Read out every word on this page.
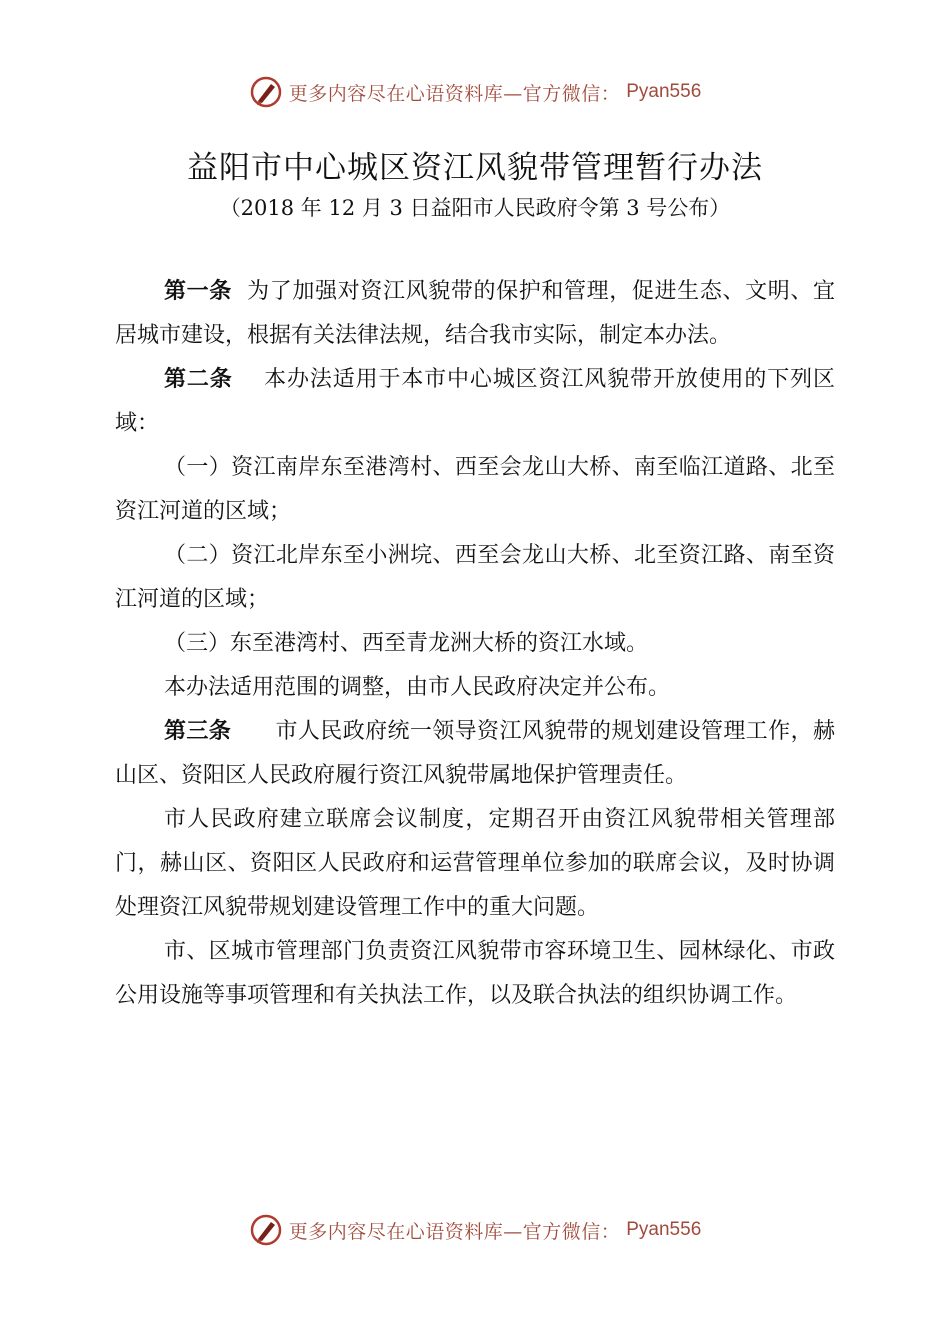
更多内容尽在心语资料库—官方微信： Pyan556
益阳市中心城区资江风貌带管理暂行办法
（2018 年 12 月 3 日益阳市人民政府令第 3 号公布）

第一条 为了加强对资江风貌带的保护和管理，促进生态、文明、宜居城市建设，根据有关法律法规，结合我市实际，制定本办法。

第二条 本办法适用于本市中心城区资江风貌带开放使用的下列区域：

（一）资江南岸东至港湾村、西至会龙山大桥、南至临江道路、北至资江河道的区域；

（二）资江北岸东至小洲垸、西至会龙山大桥、北至资江路、南至资江河道的区域；

（三）东至港湾村、西至青龙洲大桥的资江水域。

本办法适用范围的调整，由市人民政府决定并公布。

第三条 市人民政府统一领导资江风貌带的规划建设管理工作，赫山区、资阳区人民政府履行资江风貌带属地保护管理责任。

市人民政府建立联席会议制度，定期召开由资江风貌带相关管理部门，赫山区、资阳区人民政府和运营管理单位参加的联席会议，及时协调处理资江风貌带规划建设管理工作中的重大问题。

市、区城市管理部门负责资江风貌带市容环境卫生、园林绿化、市政公用设施等事项管理和有关执法工作，以及联合执法的组织协调工作。

更多内容尽在心语资料库—官方微信： Pyan556
